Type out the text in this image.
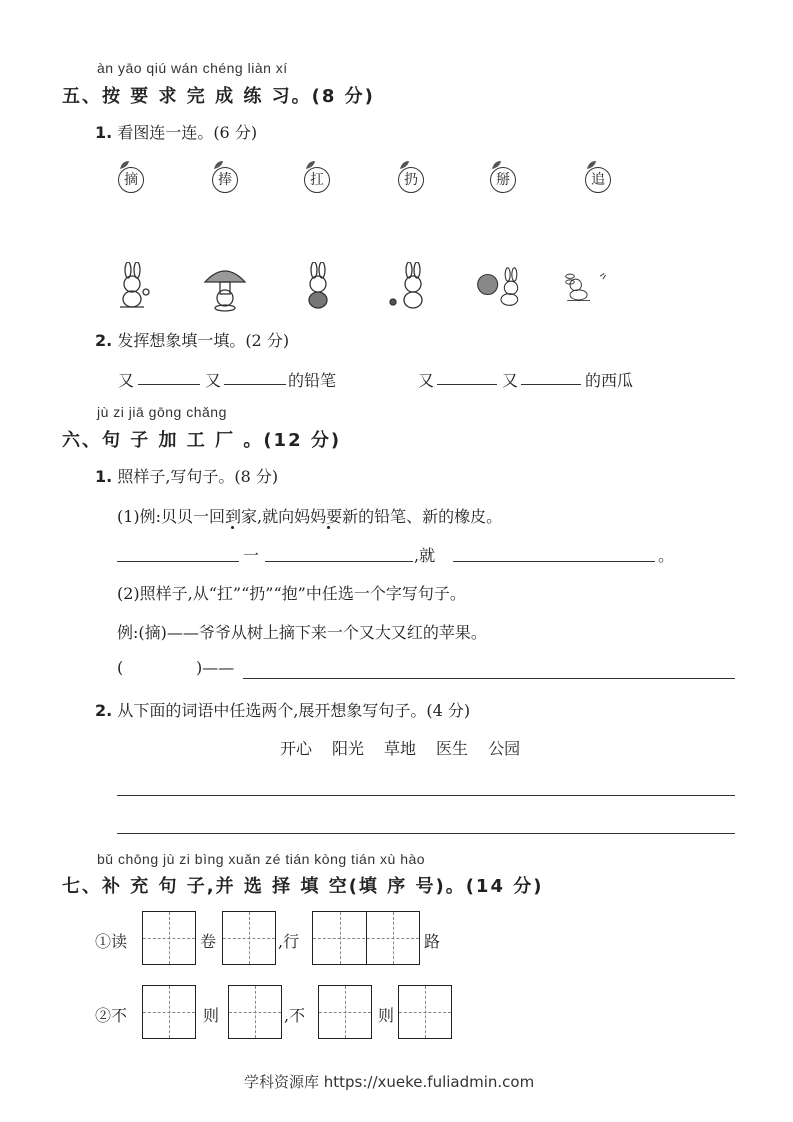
àn yāo qiú wán chéng liàn xí
五、按 要 求 完 成 练 习。(8 分)
1. 看图连一连。(6 分)
摘	捧	扛	扔	掰	追
2. 发挥想象填一填。(2 分)
又	又	的铅笔	又	又	的西瓜
jù zi jiā gōng chǎng
六、句 子 加 工 厂 。(12 分)
1. 照样子,写句子。(8 分)
(1)例:贝贝一回到家,就向妈妈要新的铅笔、新的橡皮。
一	,就	。
(2)照样子,从“扛”“扔”“抱”中任选一个字写句子。
例:(摘)——爷爷从树上摘下来一个又大又红的苹果。
(	)——
2. 从下面的词语中任选两个,展开想象写句子。(4 分)
开心 阳光 草地 医生 公园
bǔ chōng jù zi bìng xuǎn zé tián kòng tián xù hào
七、补 充 句 子,并 选 择 填 空(填 序 号)。(14 分)
①读	卷	,行	路
②不	则	,不	则
学科资源库 https://xueke.fuliadmin.com
